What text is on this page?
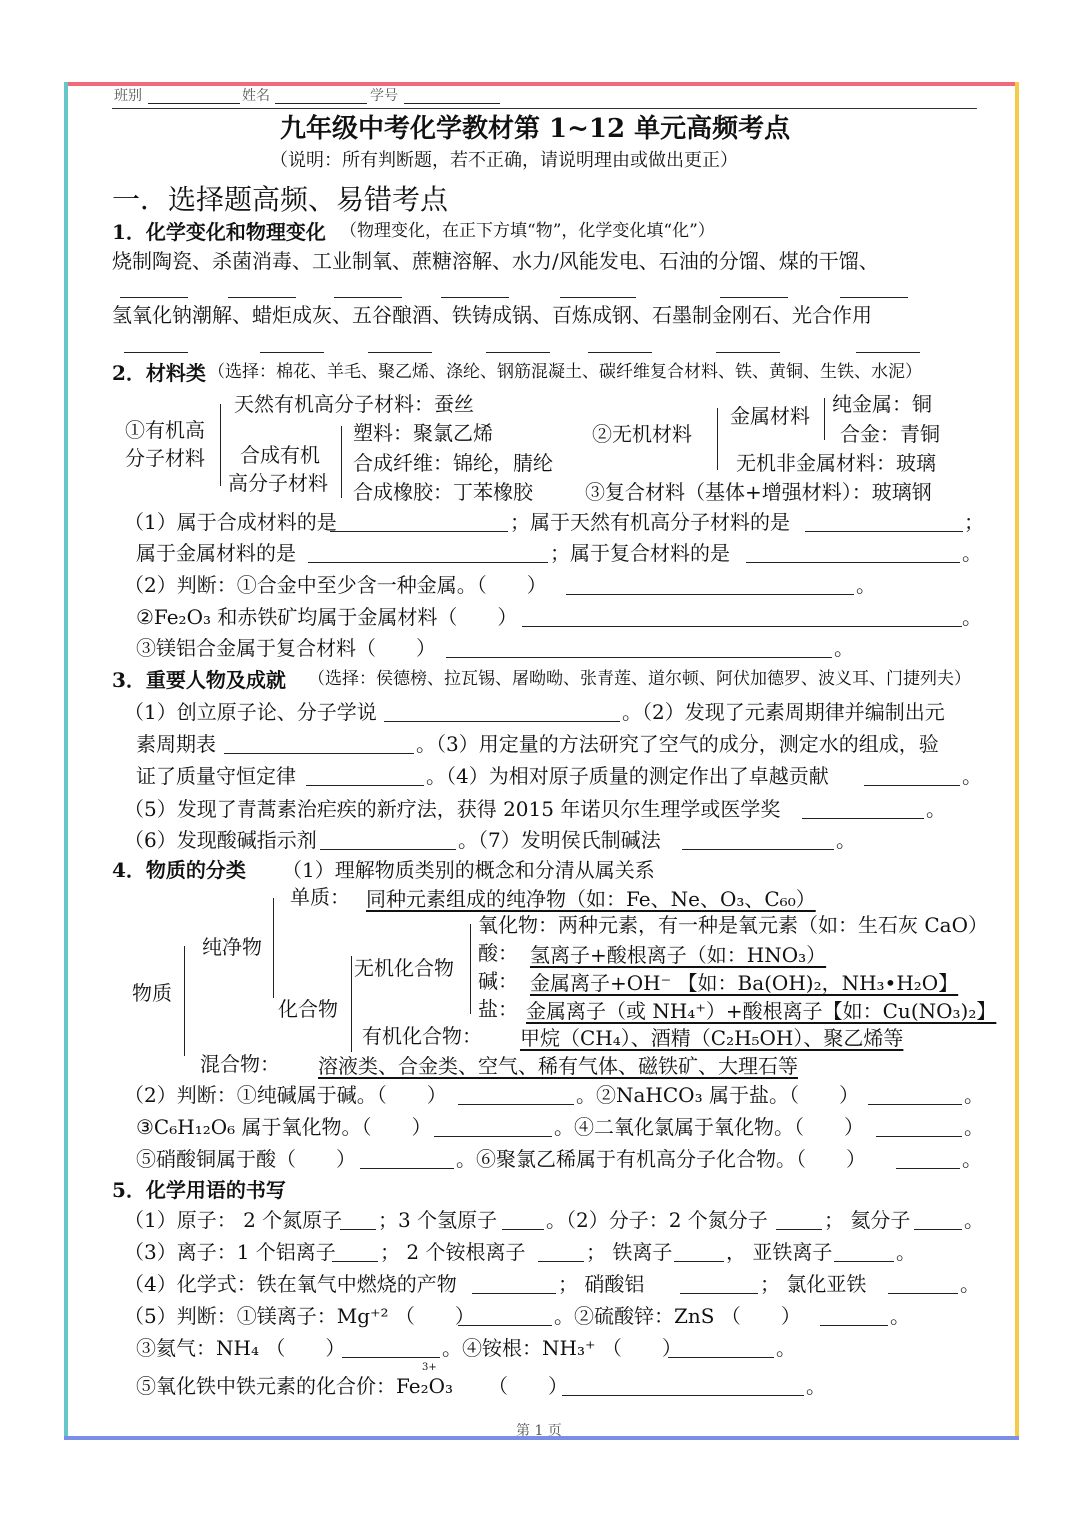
班别	姓名	学号
九年级中考化学教材第 1~12 单元高频考点
（说明：所有判断题，若不正确，请说明理由或做出更正）
一．选择题高频、易错考点
1．化学变化和物理变化 （物理变化，在正下方填“物”，化学变化填“化”）
烧制陶瓷、杀菌消毒、工业制氧、蔗糖溶解、水力/风能发电、石油的分馏、煤的干馏、
氢氧化钠潮解、蜡炬成灰、五谷酿酒、铁铸成锅、百炼成钢、石墨制金刚石、光合作用
2．材料类 （选择：棉花、羊毛、聚乙烯、涤纶、钢筋混凝土、碳纤维复合材料、铁、黄铜、生铁、水泥）
①有机高
分子材料
天然有机高分子材料：蚕丝
合成有机
高分子材料
塑料：聚氯乙烯
合成纤维：锦纶，腈纶
合成橡胶：丁苯橡胶
②无机材料
金属材料 纯金属：铜
合金：青铜
无机非金属材料：玻璃
③复合材料（基体+增强材料）：玻璃钢
（1）属于合成材料的是	；属于天然有机高分子材料的是	；
属于金属材料的是	；属于复合材料的是	。
（2）判断：①合金中至少含一种金属。（　　）	。
②Fe₂O₃ 和赤铁矿均属于金属材料（　　）	。
③镁铝合金属于复合材料（　　）	。
3．重要人物及成就 （选择：侯德榜、拉瓦锡、屠呦呦、张青莲、道尔顿、阿伏加德罗、波义耳、门捷列夫）
（1）创立原子论、分子学说	。（2）发现了元素周期律并编制出元
素周期表	。（3）用定量的方法研究了空气的成分，测定水的组成，验
证了质量守恒定律	。（4）为相对原子质量的测定作出了卓越贡献	。
（5）发现了青蒿素治疟疾的新疗法，获得 2015 年诺贝尔生理学或医学奖	。
（6）发现酸碱指示剂	。（7）发明侯氏制碱法	。
4．物质的分类 （1）理解物质类别的概念和分清从属关系
物质
纯净物
单质： 同种元素组成的纯净物（如：Fe、Ne、O₃、C₆₀）
化合物
无机化合物
氧化物：两种元素，有一种是氧元素（如：生石灰 CaO）
酸： 氢离子+酸根离子（如：HNO₃）
碱： 金属离子+OH⁻ 【如：Ba(OH)₂，NH₃•H₂O】
盐： 金属离子（或 NH₄⁺）+酸根离子【如：Cu(NO₃)₂】
有机化合物： 甲烷（CH₄）、酒精（C₂H₅OH）、聚乙烯等
混合物： 溶液类、合金类、空气、稀有气体、磁铁矿、大理石等
（2）判断：①纯碱属于碱。（　　）	。②NaHCO₃ 属于盐。（　　）	。
③C₆H₁₂O₆ 属于氧化物。（　　）	。④二氧化氯属于氧化物。（　　）	。
⑤硝酸铜属于酸（　　）	。⑥聚氯乙稀属于有机高分子化合物。（　　）	。
5．化学用语的书写
（1）原子： 2 个氮原子 ；3 个氢原子 。（2）分子：2 个氮分子	； 氦分子	。
（3）离子：1 个铝离子 ； 2 个铵根离子	； 铁离子	， 亚铁离子	。
（4）化学式：铁在氧气中燃烧的产物	； 硝酸铝	； 氯化亚铁	。
（5）判断：①镁离子：Mg⁺² （　　）	。②硫酸锌：ZnS （　　）	。
③氦气：NH₄ （　　）	。④铵根：NH₃⁺ （　　）	。
3+
⑤氧化铁中铁元素的化合价：Fe₂O₃ （　　）	。
第 1 页
